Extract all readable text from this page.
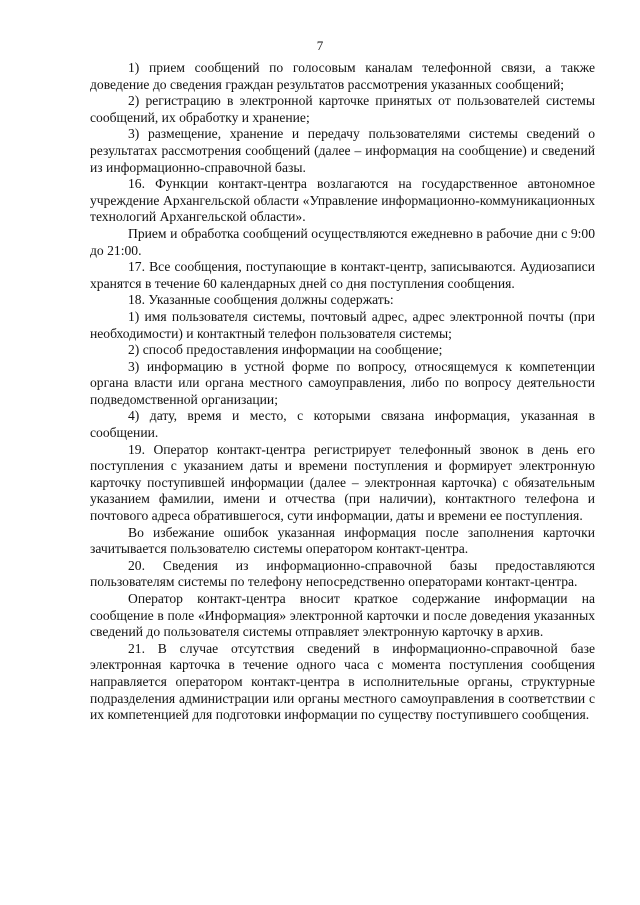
7

1) прием сообщений по голосовым каналам телефонной связи, а также доведение до сведения граждан результатов рассмотрения указанных сообщений;

2) регистрацию в электронной карточке принятых от пользователей системы сообщений, их обработку и хранение;

3) размещение, хранение и передачу пользователями системы сведений о результатах рассмотрения сообщений (далее – информация на сообщение) и сведений из информационно-справочной базы.

16. Функции контакт-центра возлагаются на государственное автономное учреждение Архангельской области «Управление информационно-коммуникационных технологий Архангельской области».

Прием и обработка сообщений осуществляются ежедневно в рабочие дни с 9:00 до 21:00.

17. Все сообщения, поступающие в контакт-центр, записываются. Аудиозаписи хранятся в течение 60 календарных дней со дня поступления сообщения.

18. Указанные сообщения должны содержать:

1) имя пользователя системы, почтовый адрес, адрес электронной почты (при необходимости) и контактный телефон пользователя системы;

2) способ предоставления информации на сообщение;

3) информацию в устной форме по вопросу, относящемуся к компетенции органа власти или органа местного самоуправления, либо по вопросу деятельности подведомственной организации;

4) дату, время и место, с которыми связана информация, указанная в сообщении.

19. Оператор контакт-центра регистрирует телефонный звонок в день его поступления с указанием даты и времени поступления и формирует электронную карточку поступившей информации (далее – электронная карточка) с обязательным указанием фамилии, имени и отчества (при наличии), контактного телефона и почтового адреса обратившегося, сути информации, даты и времени ее поступления.

Во избежание ошибок указанная информация после заполнения карточки зачитывается пользователю системы оператором контакт-центра.

20. Сведения из информационно-справочной базы предоставляются пользователям системы по телефону непосредственно операторами контакт-центра.

Оператор контакт-центра вносит краткое содержание информации на сообщение в поле «Информация» электронной карточки и после доведения указанных сведений до пользователя системы отправляет электронную карточку в архив.

21. В случае отсутствия сведений в информационно-справочной базе электронная карточка в течение одного часа с момента поступления сообщения направляется оператором контакт-центра в исполнительные органы, структурные подразделения администрации или органы местного самоуправления в соответствии с их компетенцией для подготовки информации по существу поступившего сообщения.
